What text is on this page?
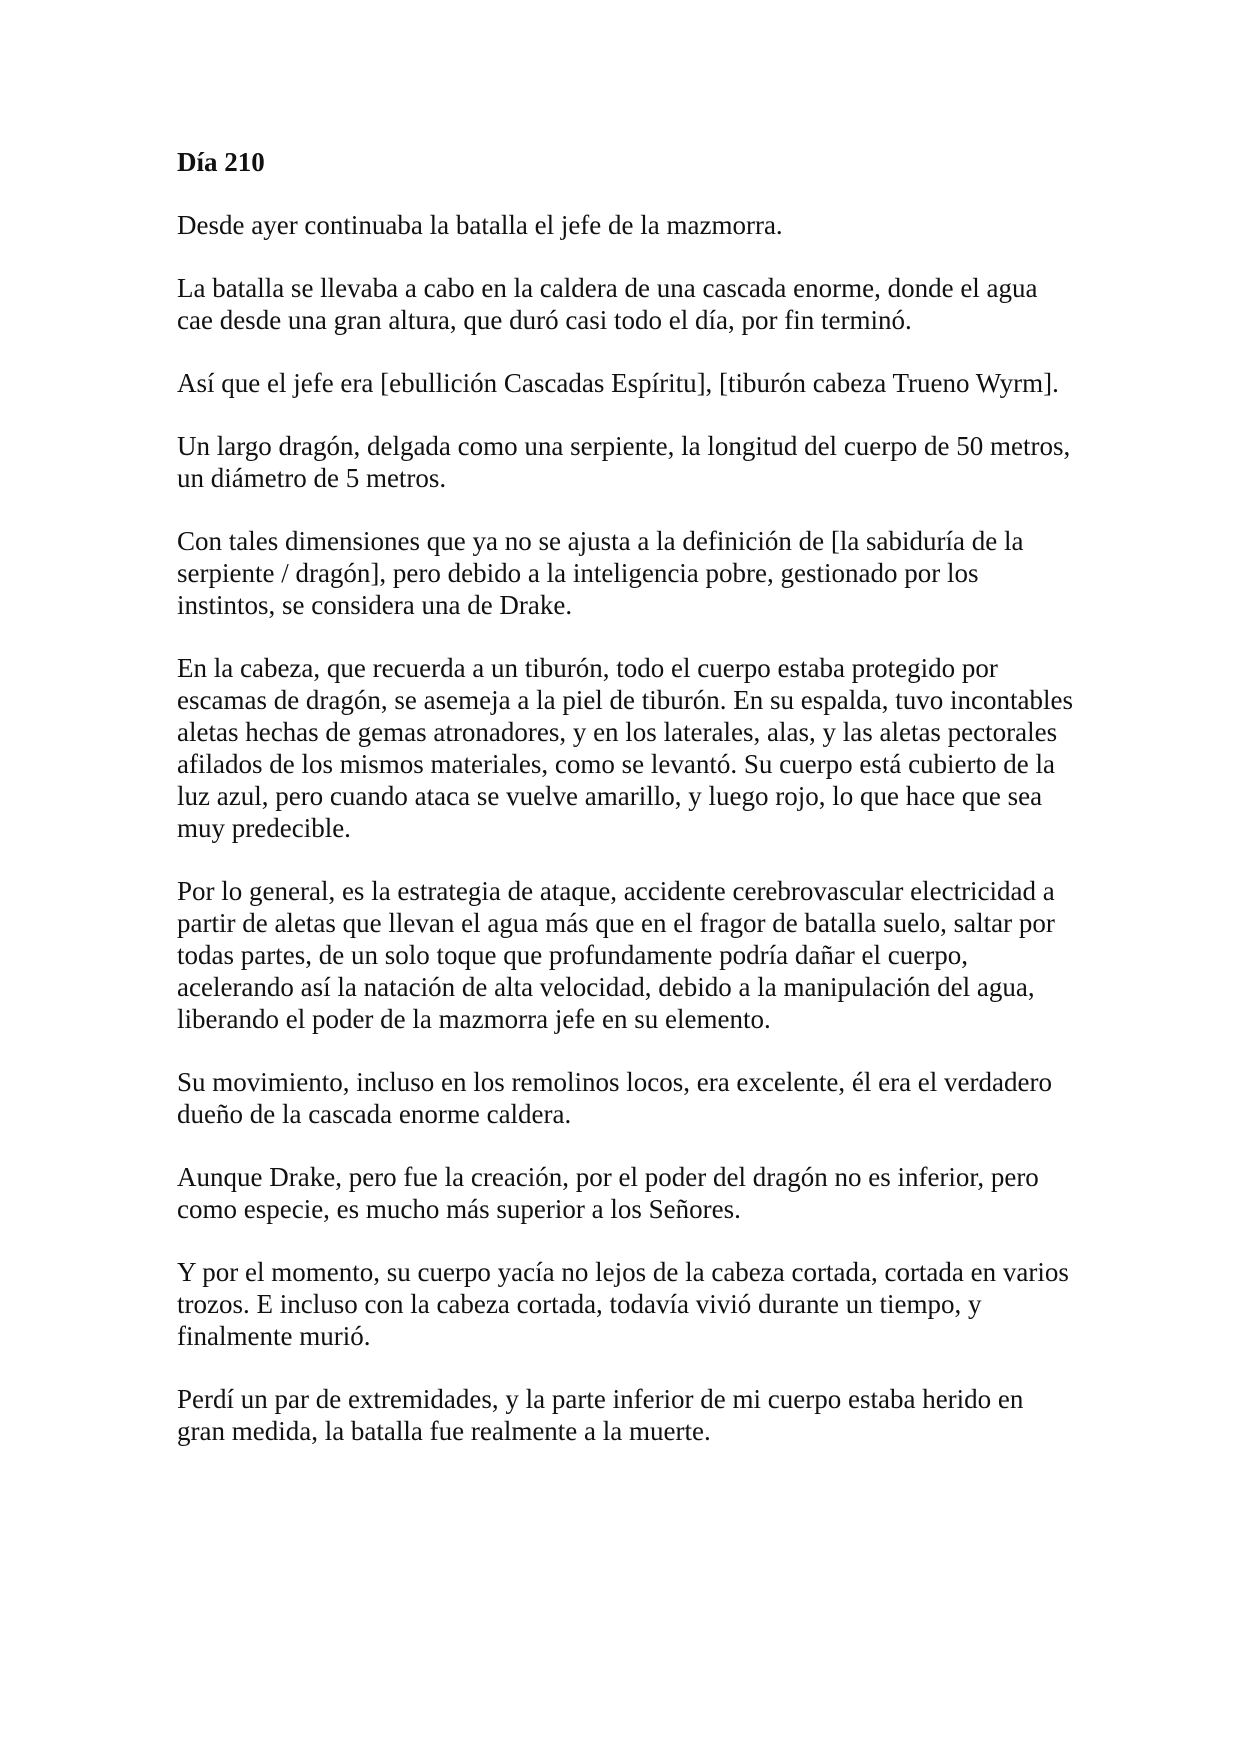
Día 210

Desde ayer continuaba la batalla el jefe de la mazmorra.

La batalla se llevaba a cabo en la caldera de una cascada enorme, donde el agua cae desde una gran altura, que duró casi todo el día, por fin terminó.

Así que el jefe era [ebullición Cascadas Espíritu], [tiburón cabeza Trueno Wyrm].

Un largo dragón, delgada como una serpiente, la longitud del cuerpo de 50 metros, un diámetro de 5 metros.

Con tales dimensiones que ya no se ajusta a la definición de [la sabiduría de la serpiente / dragón], pero debido a la inteligencia pobre, gestionado por los instintos, se considera una de Drake.

En la cabeza, que recuerda a un tiburón, todo el cuerpo estaba protegido por escamas de dragón, se asemeja a la piel de tiburón. En su espalda, tuvo incontables aletas hechas de gemas atronadores, y en los laterales, alas, y las aletas pectorales afilados de los mismos materiales, como se levantó. Su cuerpo está cubierto de la luz azul, pero cuando ataca se vuelve amarillo, y luego rojo, lo que hace que sea muy predecible.

Por lo general, es la estrategia de ataque, accidente cerebrovascular electricidad a partir de aletas que llevan el agua más que en el fragor de batalla suelo, saltar por todas partes, de un solo toque que profundamente podría dañar el cuerpo, acelerando así la natación de alta velocidad, debido a la manipulación del agua, liberando el poder de la mazmorra jefe en su elemento.

Su movimiento, incluso en los remolinos locos, era excelente, él era el verdadero dueño de la cascada enorme caldera.

Aunque Drake, pero fue la creación, por el poder del dragón no es inferior, pero como especie, es mucho más superior a los Señores.

Y por el momento, su cuerpo yacía no lejos de la cabeza cortada, cortada en varios trozos. E incluso con la cabeza cortada, todavía vivió durante un tiempo, y finalmente murió.

Perdí un par de extremidades, y la parte inferior de mi cuerpo estaba herido en gran medida, la batalla fue realmente a la muerte.
